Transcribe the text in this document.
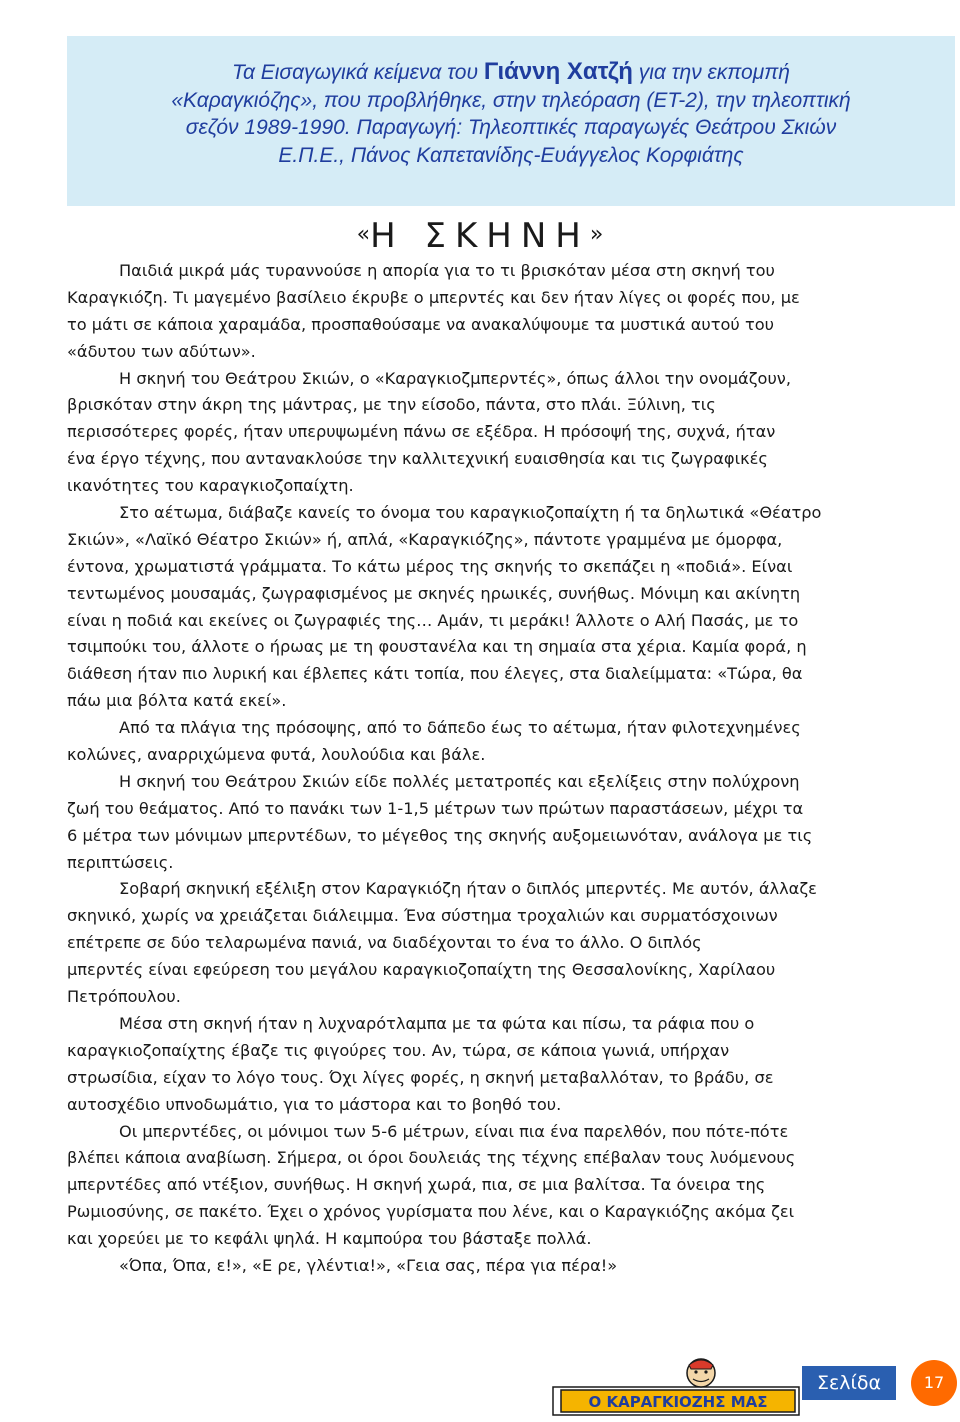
Τα Εισαγωγικά κείμενα του Γιάννη Χατζή για την εκπομπή
«Καραγκιόζης», που προβλήθηκε, στην τηλεόραση (ΕΤ-2), την τηλεοπτική
σεζόν 1989-1990. Παραγωγή: Τηλεοπτικές παραγωγές Θεάτρου Σκιών
Ε.Π.Ε., Πάνος Καπετανίδης-Ευάγγελος Κορφιάτης
«Η ΣΚΗΝΗ»
Παιδιά μικρά μάς τυραννούσε η απορία για το τι βρισκόταν μέσα στη σκηνή του
Καραγκιόζη. Τι μαγεμένο βασίλειο έκρυβε ο μπερντές και δεν ήταν λίγες οι φορές που, με
το μάτι σε κάποια χαραμάδα, προσπαθούσαμε να ανακαλύψουμε τα μυστικά αυτού του
«άδυτου των αδύτων».
Η σκηνή του Θεάτρου Σκιών, ο «Καραγκιοζμπερντές», όπως άλλοι την ονομάζουν,
βρισκόταν στην άκρη της μάντρας, με την είσοδο, πάντα, στο πλάι. Ξύλινη, τις
περισσότερες φορές, ήταν υπερυψωμένη πάνω σε εξέδρα. Η πρόσοψή της, συχνά, ήταν
ένα έργο τέχνης, που αντανακλούσε την καλλιτεχνική ευαισθησία και τις ζωγραφικές
ικανότητες του καραγκιοζοπαίχτη.
Στο αέτωμα, διάβαζε κανείς το όνομα του καραγκιοζοπαίχτη ή τα δηλωτικά «Θέατρο
Σκιών», «Λαϊκό Θέατρο Σκιών» ή, απλά, «Καραγκιόζης», πάντοτε γραμμένα με όμορφα,
έντονα, χρωματιστά γράμματα. Το κάτω μέρος της σκηνής το σκεπάζει η «ποδιά». Είναι
τεντωμένος μουσαμάς, ζωγραφισμένος με σκηνές ηρωικές, συνήθως. Μόνιμη και ακίνητη
είναι η ποδιά και εκείνες οι ζωγραφιές της… Αμάν, τι μεράκι! Άλλοτε ο Αλή Πασάς, με το
τσιμπούκι του, άλλοτε ο ήρωας με τη φουστανέλα και τη σημαία στα χέρια. Καμία φορά, η
διάθεση ήταν πιο λυρική και έβλεπες κάτι τοπία, που έλεγες, στα διαλείμματα: «Τώρα, θα
πάω μια βόλτα κατά εκεί».
Από τα πλάγια της πρόσοψης, από το δάπεδο έως το αέτωμα, ήταν φιλοτεχνημένες
κολώνες, αναρριχώμενα φυτά, λουλούδια και βάλε.
Η σκηνή του Θεάτρου Σκιών είδε πολλές μετατροπές και εξελίξεις στην πολύχρονη
ζωή του θεάματος. Από το πανάκι των 1-1,5 μέτρων των πρώτων παραστάσεων, μέχρι τα
6 μέτρα των μόνιμων μπερντέδων, το μέγεθος της σκηνής αυξομειωνόταν, ανάλογα με τις
περιπτώσεις.
Σοβαρή σκηνική εξέλιξη στον Καραγκιόζη ήταν ο διπλός μπερντές. Με αυτόν, άλλαζε
σκηνικό, χωρίς να χρειάζεται διάλειμμα. Ένα σύστημα τροχαλιών και συρματόσχοινων
επέτρεπε σε δύο τελαρωμένα πανιά, να διαδέχονται το ένα το άλλο. Ο διπλός
μπερντές είναι εφεύρεση του μεγάλου καραγκιοζοπαίχτη της Θεσσαλονίκης, Χαρίλαου
Πετρόπουλου.
Μέσα στη σκηνή ήταν η λυχναρότλαμπα με τα φώτα και πίσω, τα ράφια που ο
καραγκιοζοπαίχτης έβαζε τις φιγούρες του. Αν, τώρα, σε κάποια γωνιά, υπήρχαν
στρωσίδια, είχαν το λόγο τους. Όχι λίγες φορές, η σκηνή μεταβαλλόταν, το βράδυ, σε
αυτοσχέδιο υπνοδωμάτιο, για το μάστορα και το βοηθό του.
Οι μπερντέδες, οι μόνιμοι των 5-6 μέτρων, είναι πια ένα παρελθόν, που πότε-πότε
βλέπει κάποια αναβίωση. Σήμερα, οι όροι δουλειάς της τέχνης επέβαλαν τους λυόμενους
μπερντέδες από ντέξιον, συνήθως. Η σκηνή χωρά, πια, σε μια βαλίτσα. Τα όνειρα της
Ρωμιοσύνης, σε πακέτο. Έχει ο χρόνος γυρίσματα που λένε, και ο Καραγκιόζης ακόμα ζει
και χορεύει με το κεφάλι ψηλά. Η καμπούρα του βάσταξε πολλά.
«Όπα, Όπα, ε!», «Ε ρε, γλέντια!», «Γεια σας, πέρα για πέρα!»
Ο ΚΑΡΑΓΚΙΟΖΗΣ ΜΑΣ
Σελίδα	17
